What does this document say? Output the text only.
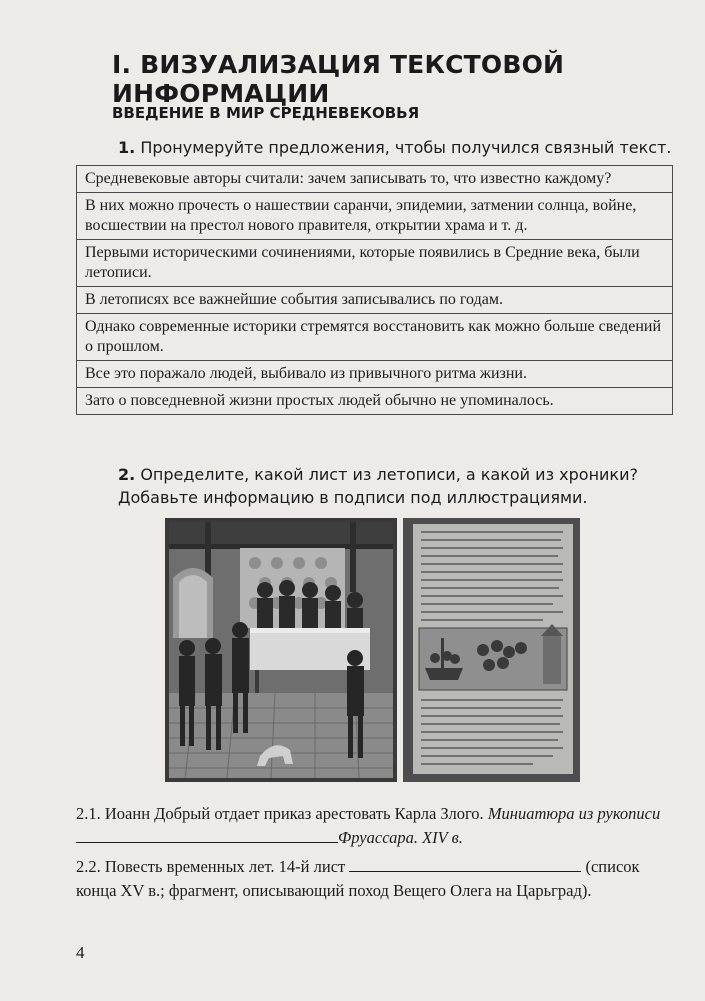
I. ВИЗУАЛИЗАЦИЯ ТЕКСТОВОЙ ИНФОРМАЦИИ
ВВЕДЕНИЕ В МИР СРЕДНЕВЕКОВЬЯ
1. Пронумеруйте предложения, чтобы получился связный текст.
Средневековые авторы считали: зачем записывать то, что известно каждому?
В них можно прочесть о нашествии саранчи, эпидемии, затмении солнца, войне, восшествии на престол нового правителя, открытии храма и т. д.
Первыми историческими сочинениями, которые появились в Средние века, были летописи.
В летописях все важнейшие события записывались по годам.
Однако современные историки стремятся восстановить как можно больше сведений о прошлом.
Все это поражало людей, выбивало из привычного ритма жизни.
Зато о повседневной жизни простых людей обычно не упоминалось.
2. Определите, какой лист из летописи, а какой из хроники? Добавьте информацию в подписи под иллюстрациями.
2.1. Иоанн Добрый отдает приказ арестовать Карла Злого. Миниатюра из рукописи Фруассара. XIV в.
2.2. Повесть временных лет. 14-й лист	(список конца XV в.; фрагмент, описывающий поход Вещего Олега на Царьград).
4
